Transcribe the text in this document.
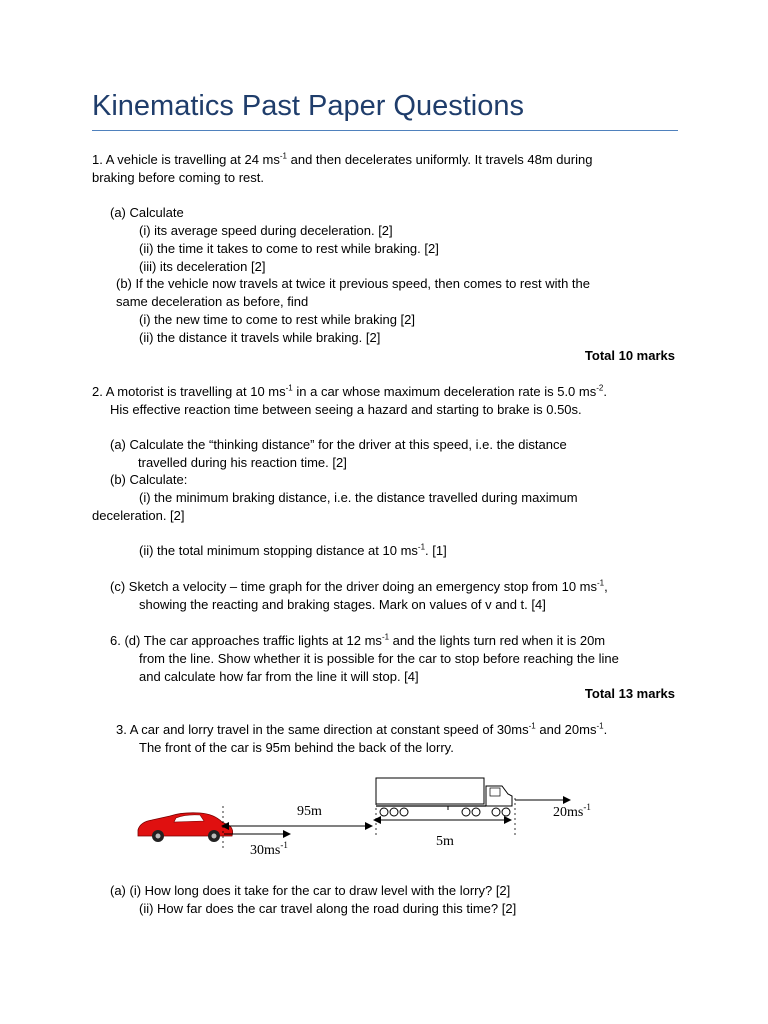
Kinematics Past Paper Questions
1. A vehicle is travelling at 24 $ms^{-1}$ and then decelerates uniformly. It travels 48m during
braking before coming to rest.
(a) Calculate
(i) its average speed during deceleration. [2]
(ii) the time it takes to come to rest while braking. [2]
(iii) its deceleration [2]
(b) If the vehicle now travels at twice it previous speed, then comes to rest with the
same deceleration as before, find
(i) the new time to come to rest while braking [2]
(ii) the distance it travels while braking. [2]
Total 10 marks
2. A motorist is travelling at 10 $ms^{-1}$ in a car whose maximum deceleration rate is 5.0 $ms^{-2}$.
His effective reaction time between seeing a hazard and starting to brake is 0.50s.
(a) Calculate the “thinking distance” for the driver at this speed, i.e. the distance
travelled during his reaction time. [2]
(b) Calculate:
(i) the minimum braking distance, i.e. the distance travelled during maximum
deceleration. [2]
(ii) the total minimum stopping distance at 10 $ms^{-1}$. [1]
(c) Sketch a velocity – time graph for the driver doing an emergency stop from 10 $ms^{-1}$,
showing the reacting and braking stages. Mark on values of v and t. [4]
6. (d) The car approaches traffic lights at 12 $ms^{-1}$ and the lights turn red when it is 20m
from the line. Show whether it is possible for the car to stop before reaching the line
and calculate how far from the line it will stop. [4]
Total 13 marks
3. A car and lorry travel in the same direction at constant speed of $30ms^{-1}$ and $20ms^{-1}$.
The front of the car is 95m behind the back of the lorry.
95m
5m
$30ms^{-1}$
$20ms^{-1}$
(a) (i) How long does it take for the car to draw level with the lorry? [2]
(ii) How far does the car travel along the road during this time? [2]
